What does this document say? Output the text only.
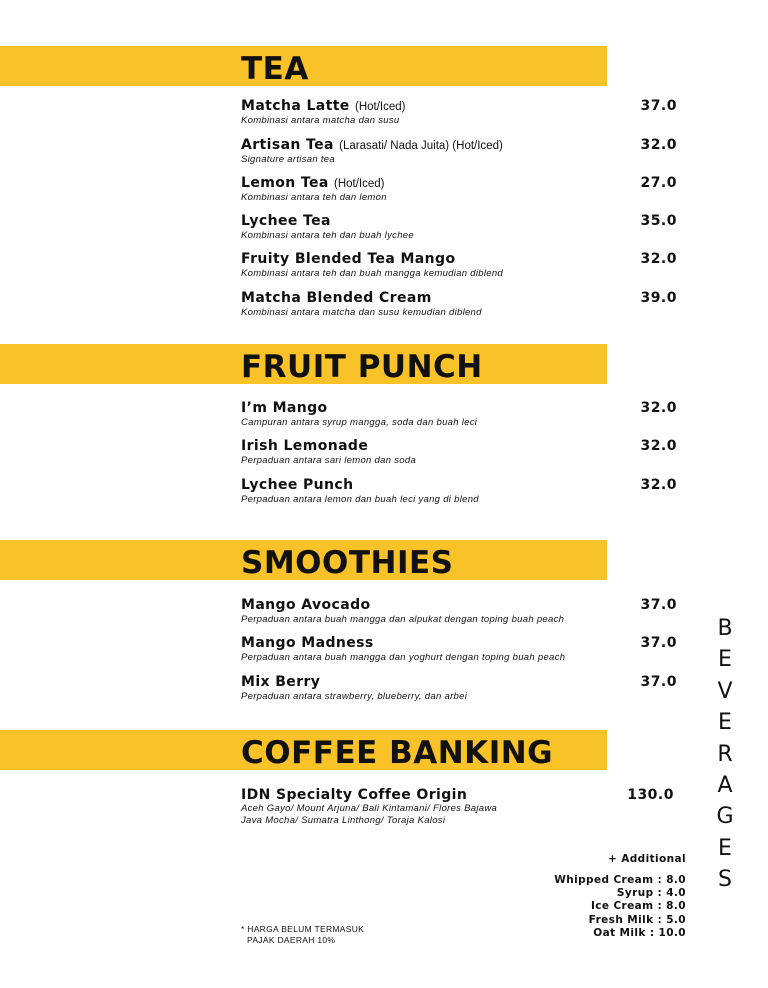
TEA
Matcha Latte (Hot/Iced)
Kombinasi antara matcha dan susu
37.0
Artisan Tea (Larasati/ Nada Juita) (Hot/Iced)
Signature artisan tea
32.0
Lemon Tea (Hot/Iced)
Kombinasi antara teh dan lemon
27.0
Lychee Tea
Kombinasi antara teh dan buah lychee
35.0
Fruity Blended Tea Mango
Kombinasi antara teh dan buah mangga kemudian diblend
32.0
Matcha Blended Cream
Kombinasi antara matcha dan susu kemudian diblend
39.0
FRUIT PUNCH
I’m Mango
Campuran antara syrup mangga, soda dan buah leci
32.0
Irish Lemonade
Perpaduan antara sari lemon dan soda
32.0
Lychee Punch
Perpaduan antara lemon dan buah leci yang di blend
32.0
SMOOTHIES
Mango Avocado
Perpaduan antara buah mangga dan alpukat dengan toping buah peach
37.0
Mango Madness
Perpaduan antara buah mangga dan yoghurt dengan toping buah peach
37.0
Mix Berry
Perpaduan antara strawberry, blueberry, dan arbei
37.0
COFFEE BANKING
IDN Specialty Coffee Origin	130.0
Aceh Gayo/ Mount Arjuna/ Bali Kintamani/ Flores Bajawa
Java Mocha/ Sumatra Linthong/ Toraja Kalosi
B
E
V
E
R
A
G
E
S
+ Additional
Whipped Cream : 8.0
Syrup : 4.0
Ice Cream : 8.0
Fresh Milk : 5.0
Oat Milk : 10.0
* HARGA BELUM TERMASUK
PAJAK DAERAH 10%
